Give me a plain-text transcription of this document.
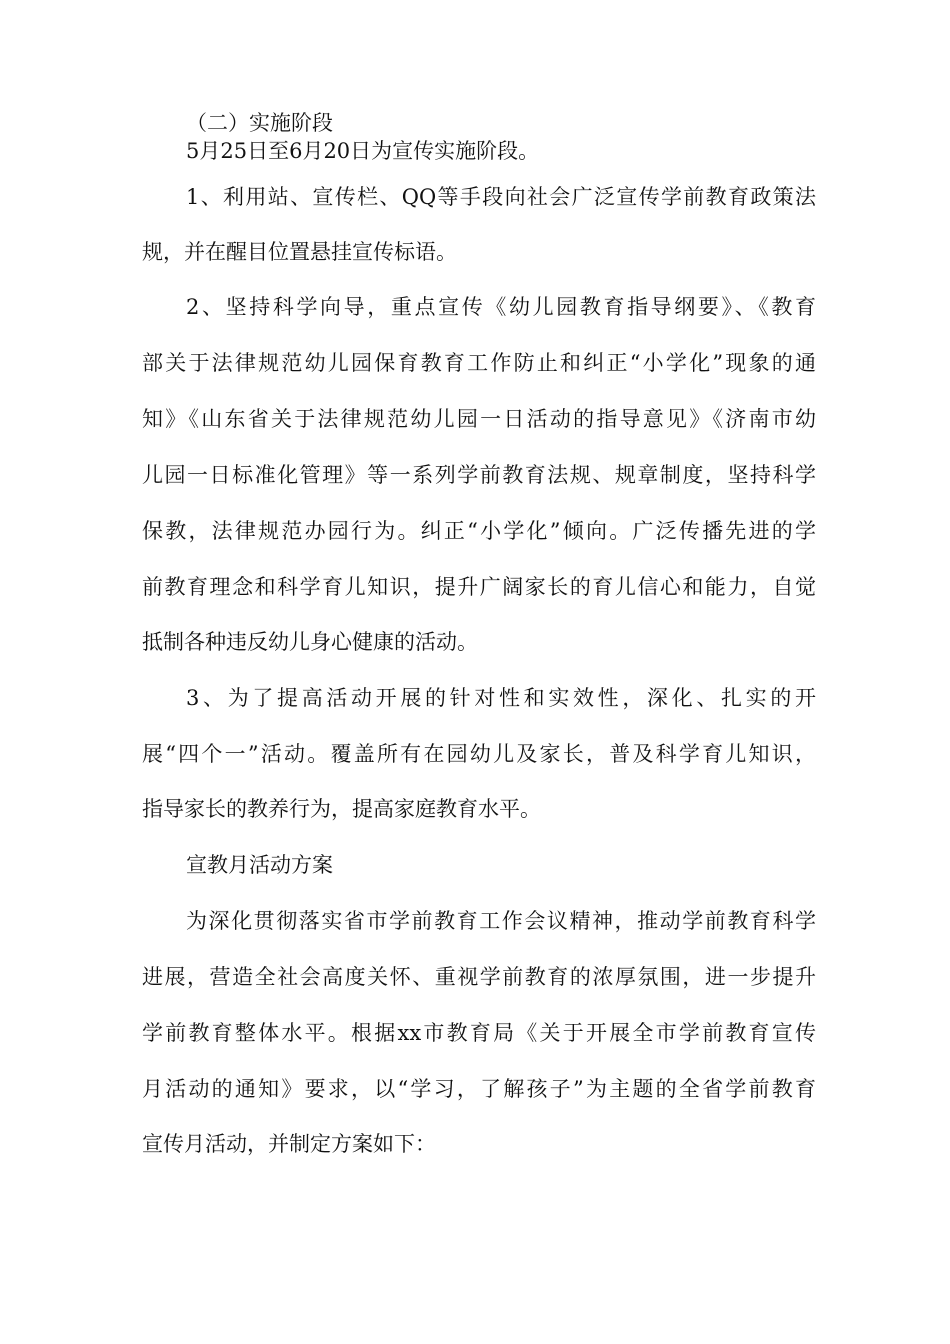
（二）实施阶段
5月25日至6月20日为宣传实施阶段。
1、利用站、宣传栏、QQ等手段向社会广泛宣传学前教育政策法
规，并在醒目位置悬挂宣传标语。
2、坚持科学向导，重点宣传《幼儿园教育指导纲要》、《教育
部关于法律规范幼儿园保育教育工作防止和纠正“小学化”现象的通
知》《山东省关于法律规范幼儿园一日活动的指导意见》《济南市幼
儿园一日标准化管理》等一系列学前教育法规、规章制度，坚持科学
保教，法律规范办园行为。纠正“小学化”倾向。广泛传播先进的学
前教育理念和科学育儿知识，提升广阔家长的育儿信心和能力，自觉
抵制各种违反幼儿身心健康的活动。
3、为了提高活动开展的针对性和实效性，深化、扎实的开
展“四个一”活动。覆盖所有在园幼儿及家长，普及科学育儿知识，
指导家长的教养行为，提高家庭教育水平。
宣教月活动方案
为深化贯彻落实省市学前教育工作会议精神，推动学前教育科学
进展，营造全社会高度关怀、重视学前教育的浓厚氛围，进一步提升
学前教育整体水平。根据xx市教育局《关于开展全市学前教育宣传
月活动的通知》要求，以“学习，了解孩子”为主题的全省学前教育
宣传月活动，并制定方案如下：
